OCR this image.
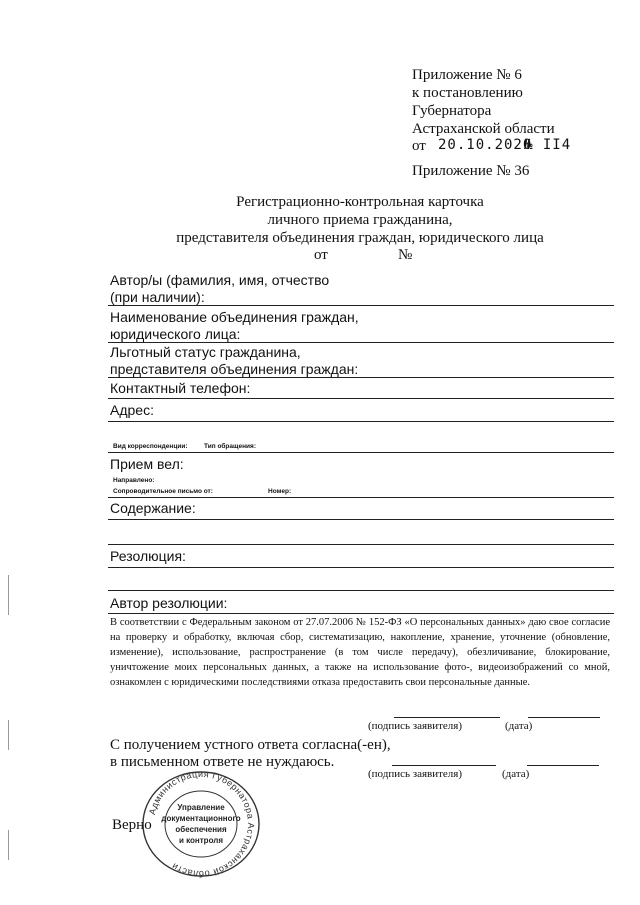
Приложение № 6
к постановлению
Губернатора
Астраханской области
от 20.10.2020
№ II4
Приложение № 36
Регистрационно-контрольная карточка
личного приема гражданина,
представителя объединения граждан, юридического лица
от	№
Автор/ы (фамилия, имя, отчество
(при наличии):
Наименование объединения граждан,
юридического лица:
Льготный статус гражданина,
представителя объединения граждан:
Контактный телефон:
Адрес:
Вид корреспонденции:	Тип обращения:
Прием вел:
Направлено:
Сопроводительное письмо от:	Номер:
Содержание:
Резолюция:
Автор резолюции:
В соответствии с Федеральным законом от 27.07.2006 № 152-ФЗ «О персональных данных» даю свое согласие на проверку и обработку, включая сбор, систематизацию, накопление, хранение, уточнение (обновление, изменение), использование, распространение (в том числе передачу), обезличивание, блокирование, уничтожение моих персональных данных, а также на использование фото-, видеоизображений со мной, ознакомлен с юридическими последствиями отказа предоставить свои персональные данные.
(подпись заявителя)	(дата)
С получением устного ответа согласна(-ен),
в письменном ответе не нуждаюсь.
(подпись заявителя)	(дата)
Верно
Администрация Губернатора Астраханской области
Управление
документационного
обеспечения
и контроля
